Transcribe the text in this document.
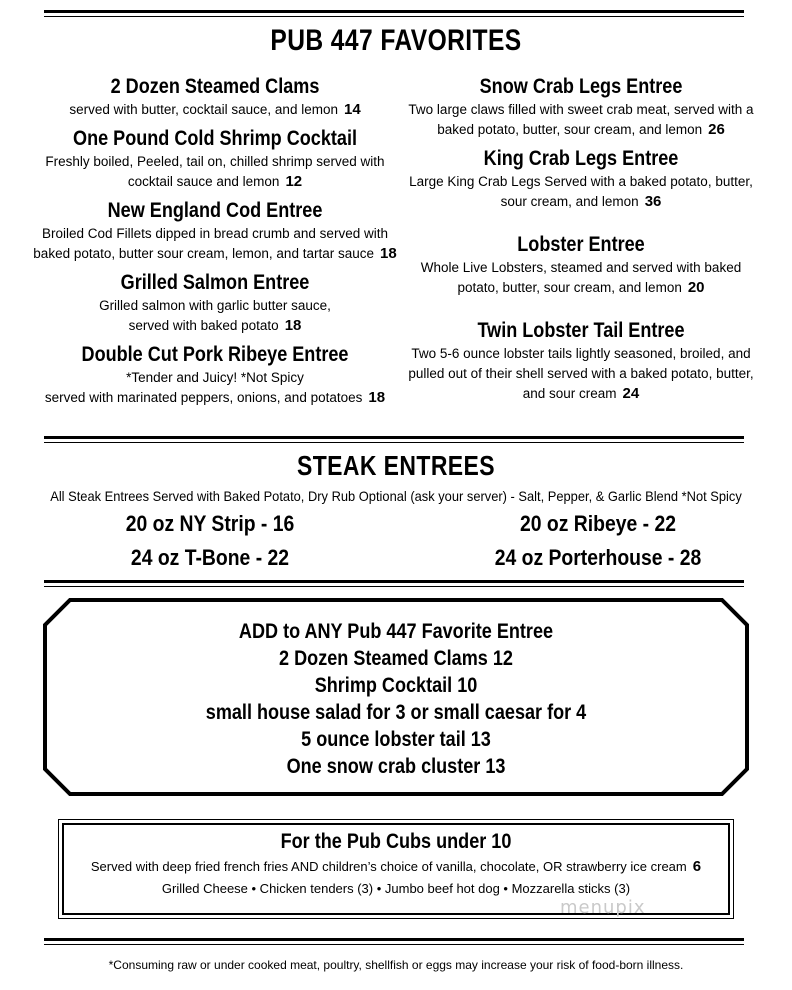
PUB 447 FAVORITES
2 Dozen Steamed Clams
served with butter, cocktail sauce, and lemon 14
One Pound Cold Shrimp Cocktail
Freshly boiled, Peeled, tail on, chilled shrimp served with
cocktail sauce and lemon 12
New England Cod Entree
Broiled Cod Fillets dipped in bread crumb and served with
baked potato, butter sour cream, lemon, and tartar sauce 18
Grilled Salmon Entree
Grilled salmon with garlic butter sauce,
served with baked potato 18
Double Cut Pork Ribeye Entree
*Tender and Juicy! *Not Spicy
served with marinated peppers, onions, and potatoes 18
Snow Crab Legs Entree
Two large claws filled with sweet crab meat, served with a
baked potato, butter, sour cream, and lemon 26
King Crab Legs Entree
Large King Crab Legs Served with a baked potato, butter,
sour cream, and lemon 36
Lobster Entree
Whole Live Lobsters, steamed and served with baked
potato, butter, sour cream, and lemon 20
Twin Lobster Tail Entree
Two 5-6 ounce lobster tails lightly seasoned, broiled, and
pulled out of their shell served with a baked potato, butter,
and sour cream 24
STEAK ENTREES
All Steak Entrees Served with Baked Potato, Dry Rub Optional (ask your server) - Salt, Pepper, & Garlic Blend *Not Spicy
20 oz NY Strip - 16	20 oz Ribeye - 22
24 oz T-Bone - 22	24 oz Porterhouse - 28
ADD to ANY Pub 447 Favorite Entree
2 Dozen Steamed Clams 12
Shrimp Cocktail 10
small house salad for 3 or small caesar for 4
5 ounce lobster tail 13
One snow crab cluster 13
For the Pub Cubs under 10
Served with deep fried french fries AND children’s choice of vanilla, chocolate, OR strawberry ice cream 6
Grilled Cheese • Chicken tenders (3) • Jumbo beef hot dog • Mozzarella sticks (3)
menupix
*Consuming raw or under cooked meat, poultry, shellfish or eggs may increase your risk of food-born illness.
